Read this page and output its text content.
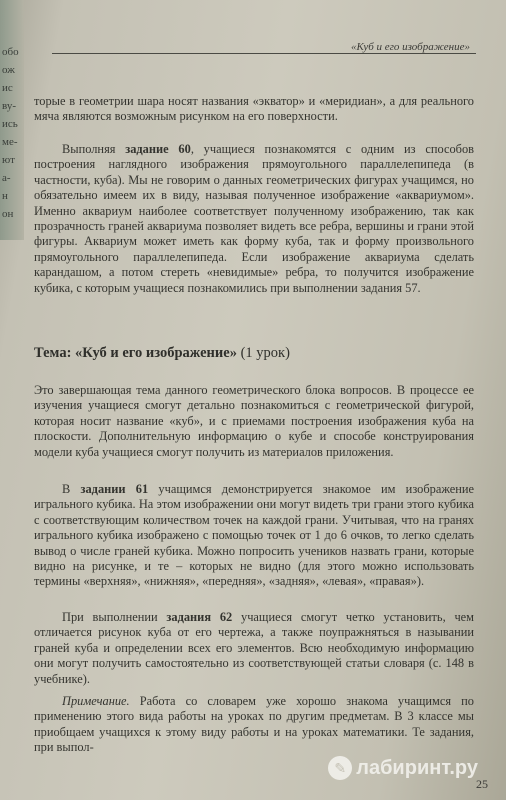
обо
ож
ис
ву-
ись
ме-
ют
а-
н
он
«Куб и его изображение»

торые в геометрии шара носят названия «экватор» и «меридиан», а для реального мяча являются возможным рисунком на его поверхности.

Выполняя задание 60, учащиеся познакомятся с одним из способов построения наглядного изображения прямоугольного параллелепипеда (в частности, куба). Мы не говорим о данных геометрических фигурах учащимся, но обязательно имеем их в виду, называя полученное изображение «аквариумом». Именно аквариум наиболее соответствует полученному изображению, так как прозрачность граней аквариума позволяет видеть все ребра, вершины и грани этой фигуры. Аквариум может иметь как форму куба, так и форму произвольного прямоугольного параллелепипеда. Если изображение аквариума сделать карандашом, а потом стереть «невидимые» ребра, то получится изображение кубика, с которым учащиеся познакомились при выполнении задания 57.

Тема: «Куб и его изображение» (1 урок)

Это завершающая тема данного геометрического блока вопросов. В процессе ее изучения учащиеся смогут детально познакомиться с геометрической фигурой, которая носит название «куб», и с приемами построения изображения куба на плоскости. Дополнительную информацию о кубе и способе конструирования модели куба учащиеся смогут получить из материалов приложения.

В задании 61 учащимся демонстрируется знакомое им изображение игрального кубика. На этом изображении они могут видеть три грани этого кубика с соответствующим количеством точек на каждой грани. Учитывая, что на гранях игрального кубика изображено с помощью точек от 1 до 6 очков, то легко сделать вывод о числе граней кубика. Можно попросить учеников назвать грани, которые видно на рисунке, и те – которых не видно (для этого можно использовать термины «верхняя», «нижняя», «передняя», «задняя», «левая», «правая»).

При выполнении задания 62 учащиеся смогут четко установить, чем отличается рисунок куба от его чертежа, а также поупражняться в назывании граней куба и определении всех его элементов. Всю необходимую информацию они могут получить самостоятельно из соответствующей статьи словаря (с. 148 в учебнике).

Примечание. Работа со словарем уже хорошо знакома учащимся по применению этого вида работы на уроках по другим предметам. В 3 классе мы приобщаем учащихся к этому виду работы и на уроках математики. Те задания, при выпол-

25
✎ лабиринт.ру
